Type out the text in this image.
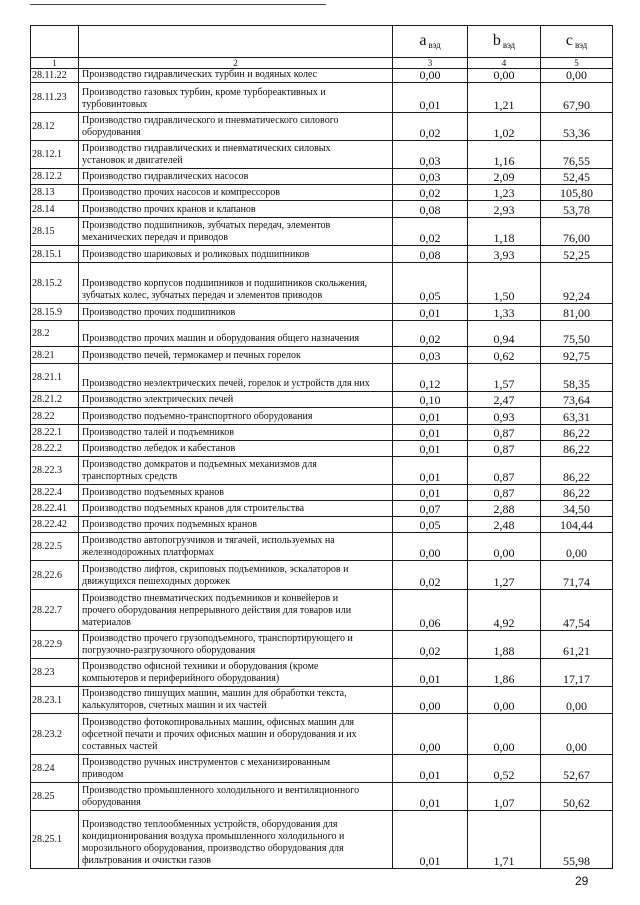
		a вэд	b вэд	c вэд
1	2	3	4	5
28.11.22	Производство гидравлических турбин и водяных колес	0,00	0,00	0,00
28.11.23	Производство газовых турбин, кроме турбореактивных и
турбовинтовых	0,01	1,21	67,90
28.12	Производство гидравлического и пневматического силового
оборудования	0,02	1,02	53,36
28.12.1	Производство гидравлических и пневматических силовых
установок и двигателей	0,03	1,16	76,55
28.12.2	Производство гидравлических насосов	0,03	2,09	52,45
28.13	Производство прочих насосов и компрессоров	0,02	1,23	105,80
28.14	Производство прочих кранов и клапанов	0,08	2,93	53,78
28.15	Производство подшипников, зубчатых передач, элементов
механических передач и приводов	0,02	1,18	76,00
28.15.1	Производство шариковых и роликовых подшипников	0,08	3,93	52,25
28.15.2	Производство корпусов подшипников и подшипников скольжения,
зубчатых колес, зубчатых передач и элементов приводов	0,05	1,50	92,24
28.15.9	Производство прочих подшипников	0,01	1,33	81,00
28.2	Производство прочих машин и оборудования общего назначения	0,02	0,94	75,50
28.21	Производство печей, термокамер и печных горелок	0,03	0,62	92,75
28.21.1	Производство неэлектрических печей, горелок и устройств для них	0,12	1,57	58,35
28.21.2	Производство электрических печей	0,10	2,47	73,64
28.22	Производство подъемно-транспортного оборудования	0,01	0,93	63,31
28.22.1	Производство талей и подъемников	0,01	0,87	86,22
28.22.2	Производство лебедок и кабестанов	0,01	0,87	86,22
28.22.3	Производство домкратов и подъемных механизмов для
транспортных средств	0,01	0,87	86,22
28.22.4	Производство подъемных кранов	0,01	0,87	86,22
28.22.41	Производство подъемных кранов для строительства	0,07	2,88	34,50
28.22.42	Производство прочих подъемных кранов	0,05	2,48	104,44
28.22.5	Производство автопогрузчиков и тягачей, используемых на
железнодорожных платформах	0,00	0,00	0,00
28.22.6	Производство лифтов, скриповых подъемников, эскалаторов и
движущихся пешеходных дорожек	0,02	1,27	71,74
28.22.7	Производство пневматических подъемников и конвейеров и
прочего оборудования непрерывного действия для товаров или
материалов	0,06	4,92	47,54
28.22.9	Производство прочего грузоподъемного, транспортирующего и
погрузочно-разгрузочного оборудования	0,02	1,88	61,21
28.23	Производство офисной техники и оборудования (кроме
компьютеров и периферийного оборудования)	0,01	1,86	17,17
28.23.1	Производство пишущих машин, машин для обработки текста,
калькуляторов, счетных машин и их частей	0,00	0,00	0,00
28.23.2	Производство фотокопировальных машин, офисных машин для
офсетной печати и прочих офисных машин и оборудования и их
составных частей	0,00	0,00	0,00
28.24	Производство ручных инструментов с механизированным
приводом	0,01	0,52	52,67
28.25	Производство промышленного холодильного и вентиляционного
оборудования	0,01	1,07	50,62
28.25.1	Производство теплообменных устройств, оборудования для
кондиционирования воздуха промышленного холодильного и
морозильного оборудования, производство оборудования для
фильтрования и очистки газов	0,01	1,71	55,98
29
